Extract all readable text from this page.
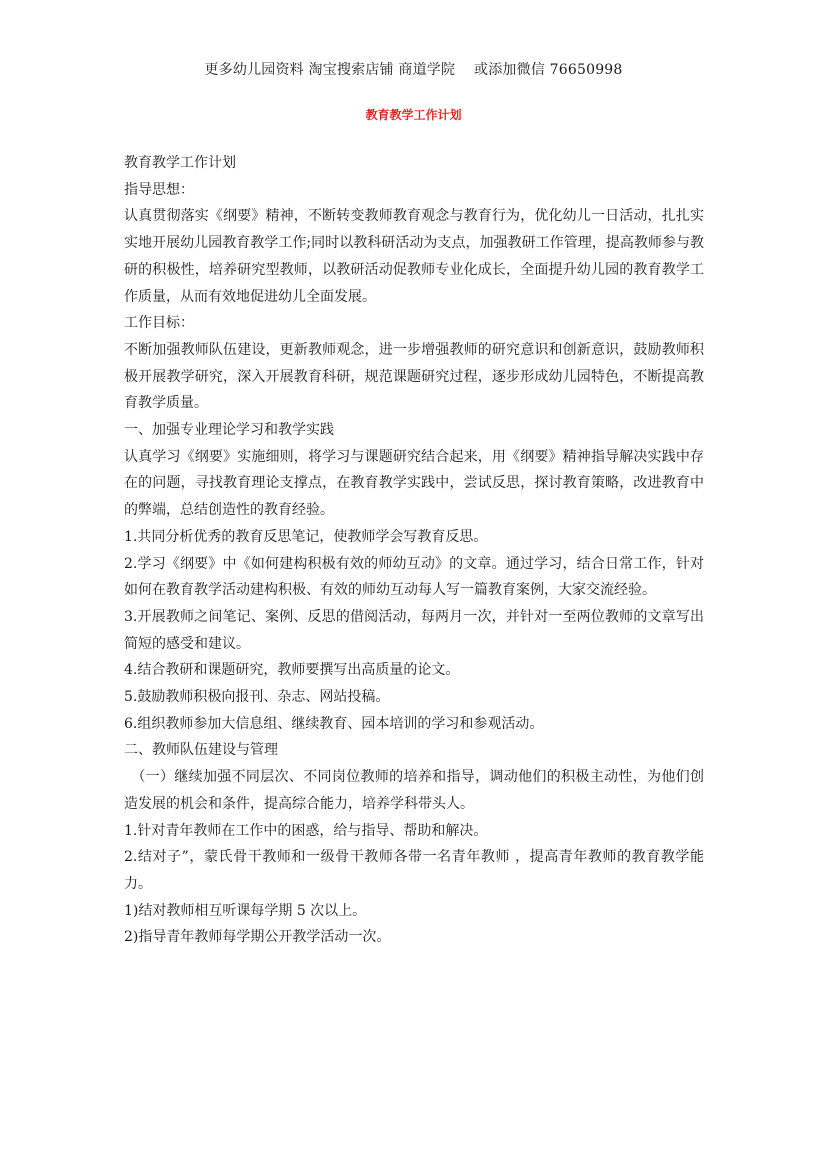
更多幼儿园资料 淘宝搜索店铺 商道学院　 或添加微信 76650998
教育教学工作计划

教育教学工作计划

指导思想：

认真贯彻落实《纲要》精神，不断转变教师教育观念与教育行为，优化幼儿一日活动，扎扎实实地开展幼儿园教育教学工作;同时以教科研活动为支点，加强教研工作管理，提高教师参与教研的积极性，培养研究型教师，以教研活动促教师专业化成长，全面提升幼儿园的教育教学工作质量，从而有效地促进幼儿全面发展。

工作目标：

不断加强教师队伍建设，更新教师观念，进一步增强教师的研究意识和创新意识，鼓励教师积极开展教学研究，深入开展教育科研，规范课题研究过程，逐步形成幼儿园特色，不断提高教育教学质量。

一、加强专业理论学习和教学实践

认真学习《纲要》实施细则，将学习与课题研究结合起来，用《纲要》精神指导解决实践中存在的问题，寻找教育理论支撑点，在教育教学实践中，尝试反思，探讨教育策略，改进教育中的弊端，总结创造性的教育经验。

1.共同分析优秀的教育反思笔记，使教师学会写教育反思。

2.学习《纲要》中《如何建构积极有效的师幼互动》的文章。通过学习，结合日常工作，针对如何在教育教学活动建构积极、有效的师幼互动每人写一篇教育案例，大家交流经验。

3.开展教师之间笔记、案例、反思的借阅活动，每两月一次，并针对一至两位教师的文章写出简短的感受和建议。

4.结合教研和课题研究，教师要撰写出高质量的论文。

5.鼓励教师积极向报刊、杂志、网站投稿。

6.组织教师参加大信息组、继续教育、园本培训的学习和参观活动。

二、教师队伍建设与管理

　（一）继续加强不同层次、不同岗位教师的培养和指导，调动他们的积极主动性，为他们创造发展的机会和条件，提高综合能力，培养学科带头人。

1.针对青年教师在工作中的困惑，给与指导、帮助和解决。

2.结对子”，蒙氏骨干教师和一级骨干教师各带一名青年教师 ，提高青年教师的教育教学能力。

1)结对教师相互听课每学期 5 次以上。

2)指导青年教师每学期公开教学活动一次。
